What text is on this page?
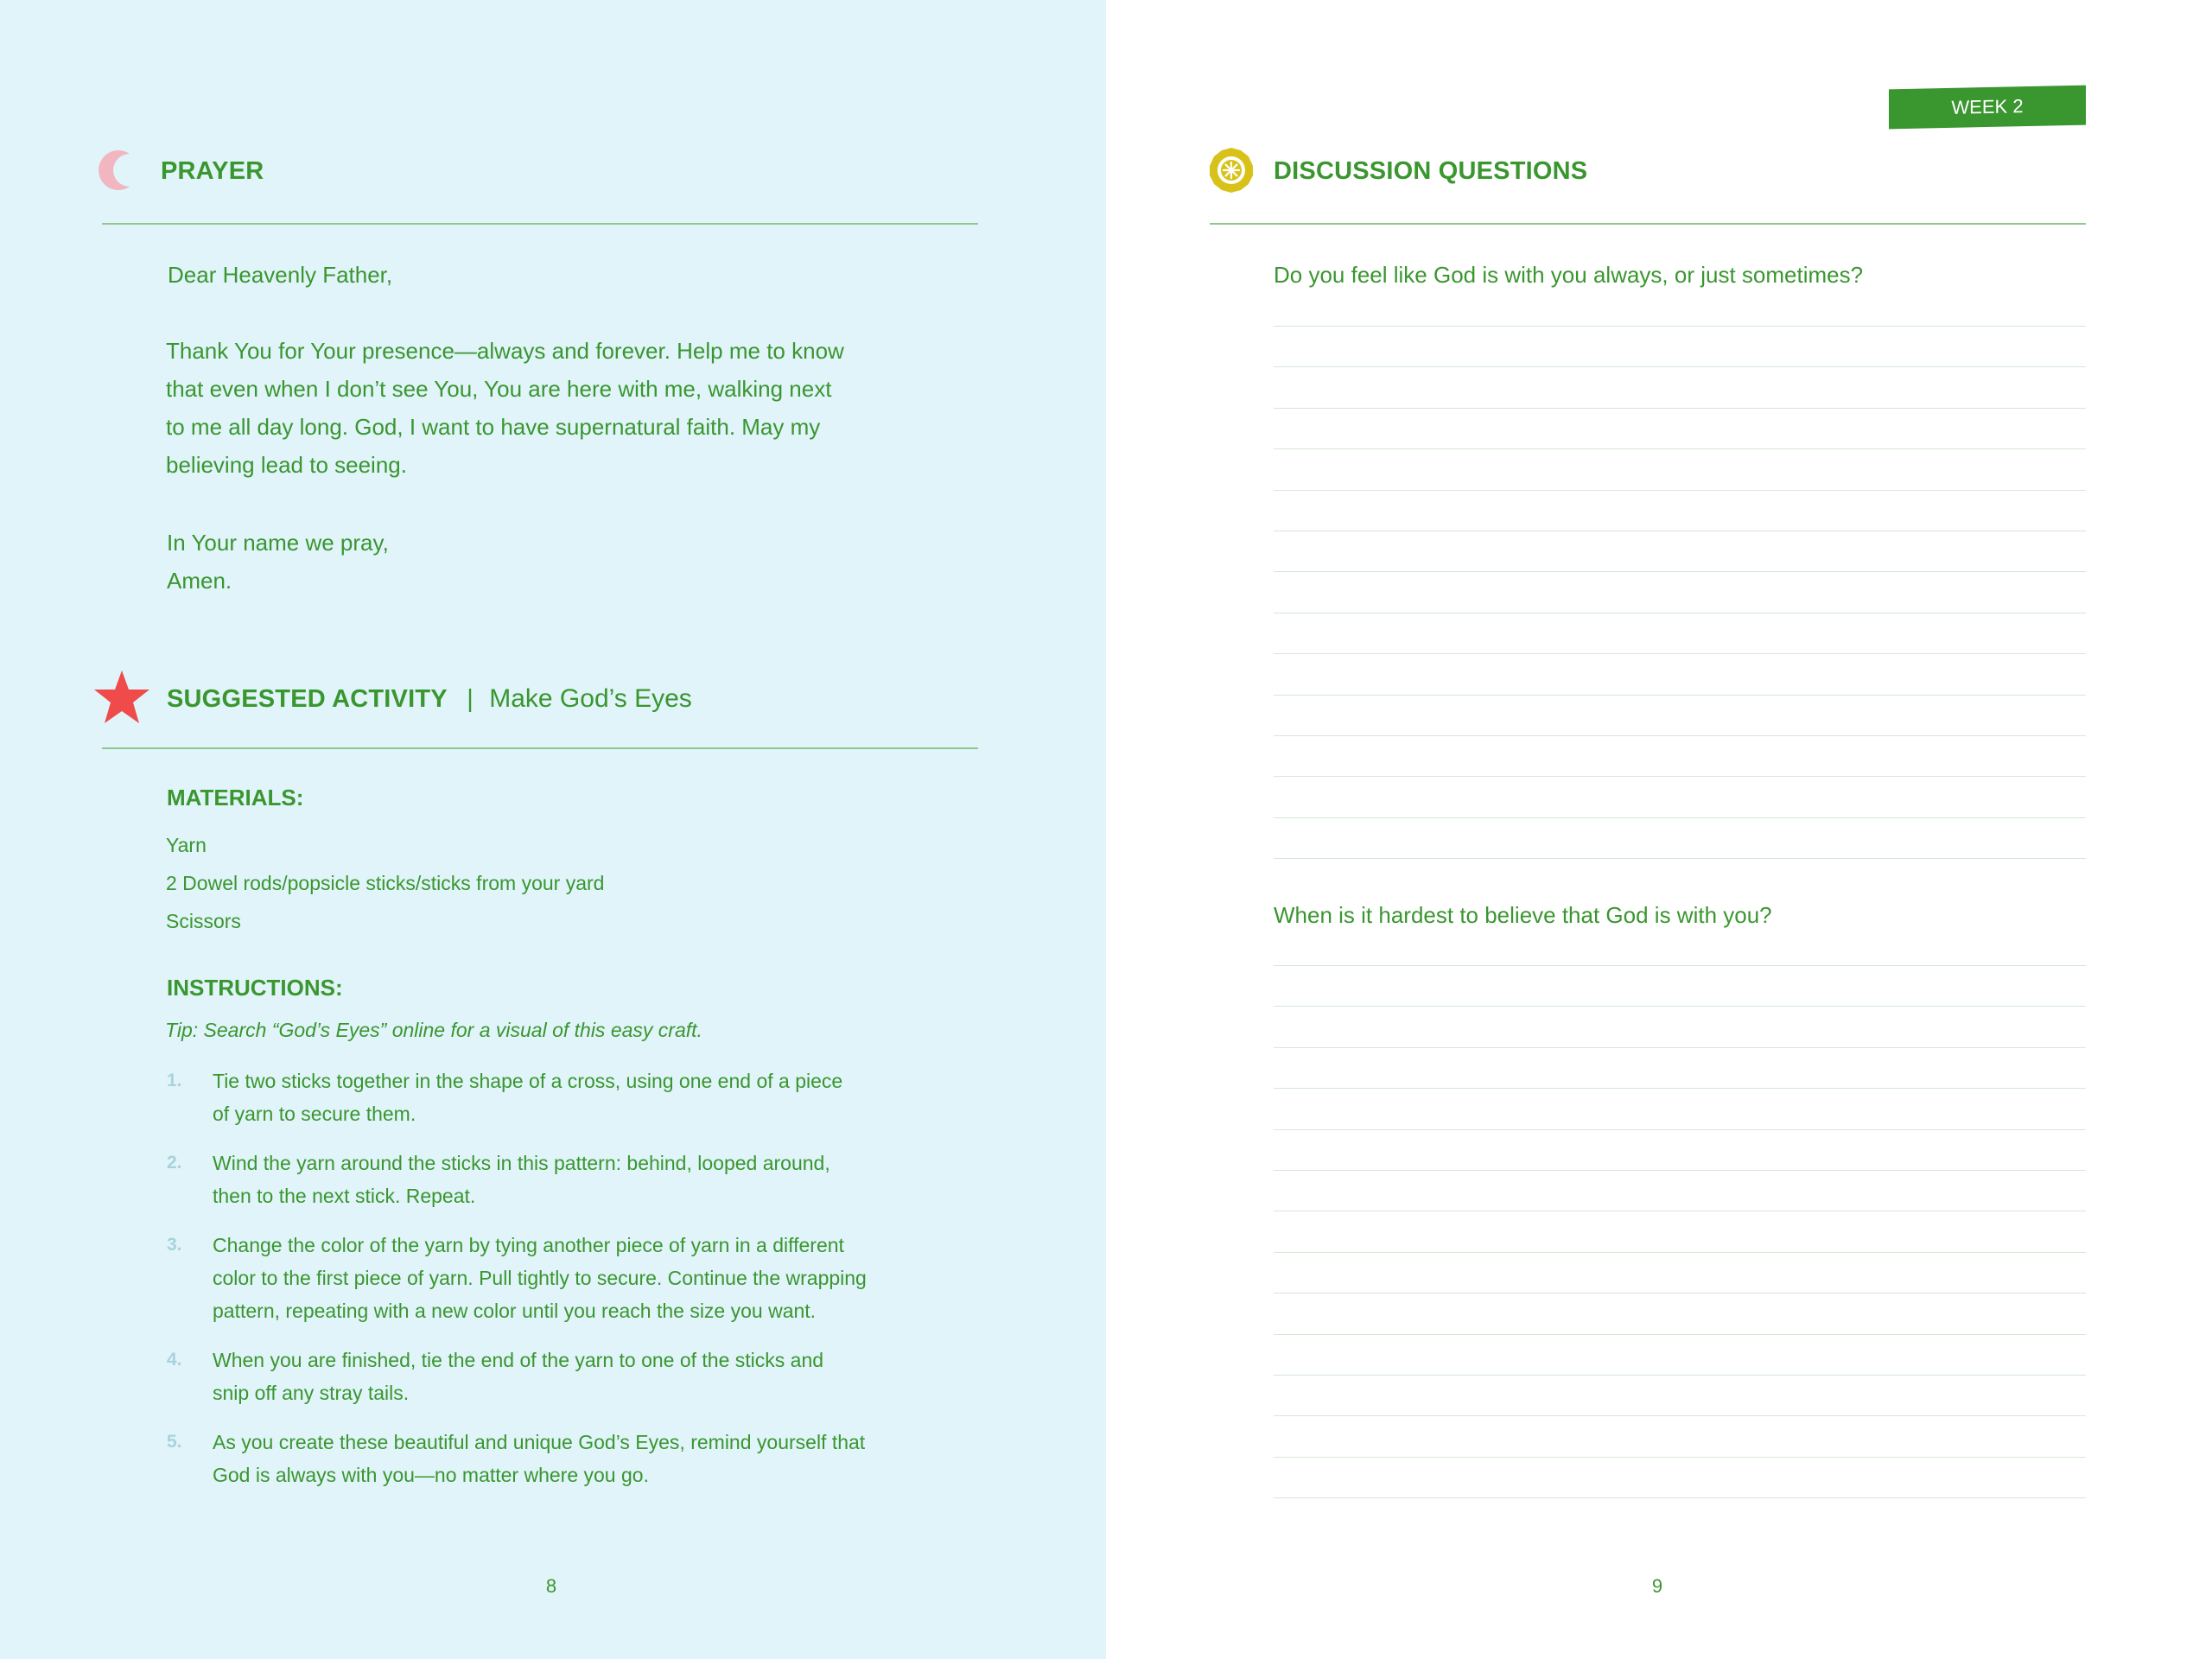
PRAYER
Dear Heavenly Father,
Thank You for Your presence—always and forever. Help me to know
that even when I don’t see You, You are here with me, walking next
to me all day long. God, I want to have supernatural faith. May my
believing lead to seeing.
In Your name we pray,
Amen.
SUGGESTED ACTIVITY | Make God’s Eyes
MATERIALS:
Yarn
2 Dowel rods/popsicle sticks/sticks from your yard
Scissors
INSTRUCTIONS:
Tip: Search “God’s Eyes” online for a visual of this easy craft.
1.	Tie two sticks together in the shape of a cross, using one end of a piece
of yarn to secure them.
2.	Wind the yarn around the sticks in this pattern: behind, looped around,
then to the next stick. Repeat.
3.	Change the color of the yarn by tying another piece of yarn in a different
color to the first piece of yarn. Pull tightly to secure. Continue the wrapping
pattern, repeating with a new color until you reach the size you want.
4.	When you are finished, tie the end of the yarn to one of the sticks and
snip off any stray tails.
5.	As you create these beautiful and unique God’s Eyes, remind yourself that
God is always with you—no matter where you go.
8
WEEK 2
DISCUSSION QUESTIONS
Do you feel like God is with you always, or just sometimes?
When is it hardest to believe that God is with you?
9
